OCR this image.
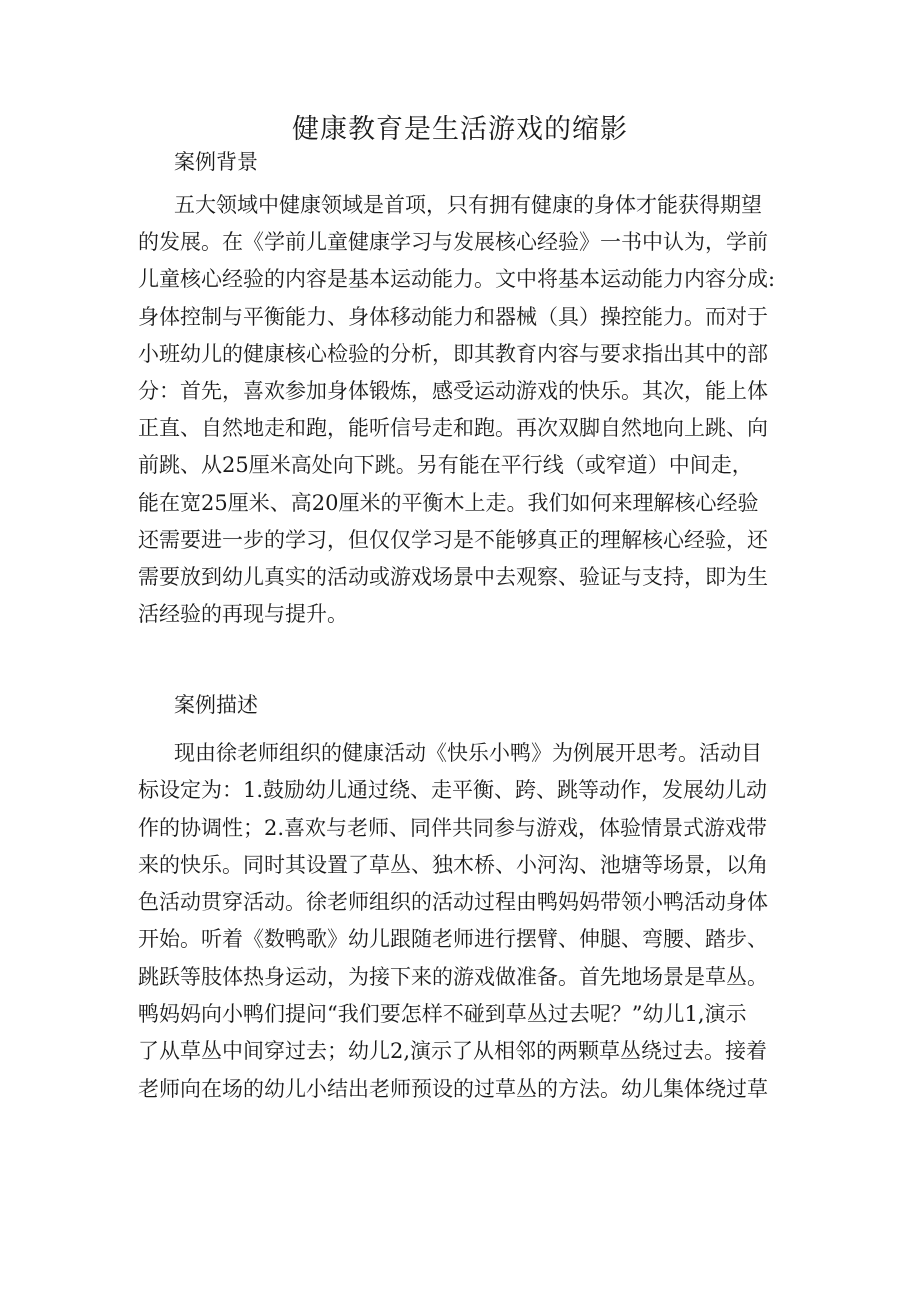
健康教育是生活游戏的缩影
案例背景
五大领域中健康领域是首项，只有拥有健康的身体才能获得期望
的发展。在《学前儿童健康学习与发展核心经验》一书中认为，学前
儿童核心经验的内容是基本运动能力。文中将基本运动能力内容分成:
身体控制与平衡能力、身体移动能力和器械（具）操控能力。而对于
小班幼儿的健康核心检验的分析，即其教育内容与要求指出其中的部
分：首先，喜欢参加身体锻炼，感受运动游戏的快乐。其次，能上体
正直、自然地走和跑，能听信号走和跑。再次双脚自然地向上跳、向
前跳、从25厘米高处向下跳。另有能在平行线（或窄道）中间走，
能在宽25厘米、高20厘米的平衡木上走。我们如何来理解核心经验
还需要进一步的学习，但仅仅学习是不能够真正的理解核心经验，还
需要放到幼儿真实的活动或游戏场景中去观察、验证与支持，即为生
活经验的再现与提升。
案例描述
现由徐老师组织的健康活动《快乐小鸭》为例展开思考。活动目
标设定为：1.鼓励幼儿通过绕、走平衡、跨、跳等动作，发展幼儿动
作的协调性；2.喜欢与老师、同伴共同参与游戏，体验情景式游戏带
来的快乐。同时其设置了草丛、独木桥、小河沟、池塘等场景，以角
色活动贯穿活动。徐老师组织的活动过程由鸭妈妈带领小鸭活动身体
开始。听着《数鸭歌》幼儿跟随老师进行摆臂、伸腿、弯腰、踏步、
跳跃等肢体热身运动，为接下来的游戏做准备。首先地场景是草丛。
鸭妈妈向小鸭们提问“我们要怎样不碰到草丛过去呢？”幼儿1,演示
了从草丛中间穿过去；幼儿2,演示了从相邻的两颗草丛绕过去。接着
老师向在场的幼儿小结出老师预设的过草丛的方法。幼儿集体绕过草
